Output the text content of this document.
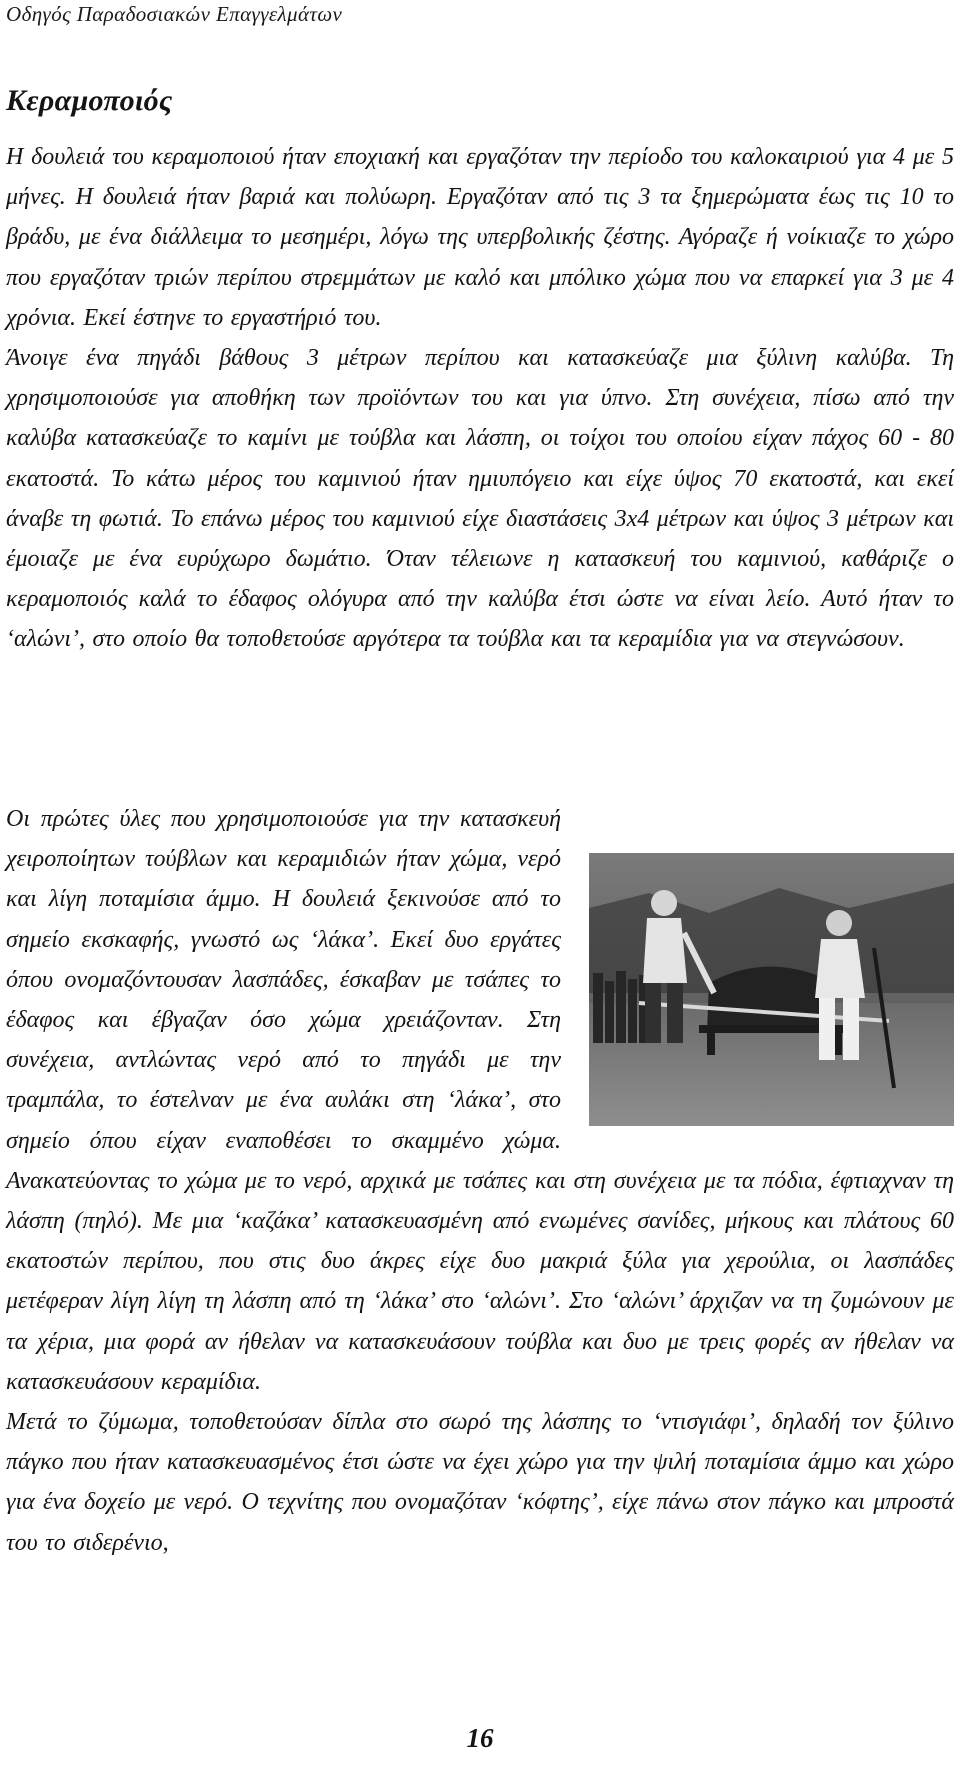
Οδηγός Παραδοσιακών Επαγγελμάτων
Κεραμοποιός

Η δουλειά του κεραμοποιού ήταν εποχιακή και εργαζόταν την περίοδο του καλοκαιριού για 4 με 5 μήνες. Η δουλειά ήταν βαριά και πολύωρη. Εργαζόταν από τις 3 τα ξημερώματα έως τις 10 το βράδυ, με ένα διάλλειμα το μεσημέρι, λόγω της υπερβολικής ζέστης. Αγόραζε ή νοίκιαζε το χώρο που εργαζόταν τριών περίπου στρεμμάτων με καλό και μπόλικο χώμα που να επαρκεί για 3 με 4 χρόνια. Εκεί έστηνε το εργαστήριό του.

Άνοιγε ένα πηγάδι βάθους 3 μέτρων περίπου και κατασκεύαζε μια ξύλινη καλύβα. Τη χρησιμοποιούσε για αποθήκη των προϊόντων του και για ύπνο. Στη συνέχεια, πίσω από την καλύβα κατασκεύαζε το καμίνι με τούβλα και λάσπη, οι τοίχοι του οποίου είχαν πάχος 60 - 80 εκατοστά. Το κάτω μέρος του καμινιού ήταν ημιυπόγειο και είχε ύψος 70 εκατοστά, και εκεί άναβε τη φωτιά. Το επάνω μέρος του καμινιού είχε διαστάσεις 3x4 μέτρων και ύψος 3 μέτρων και έμοιαζε με ένα ευρύχωρο δωμάτιο. Όταν τέλειωνε η κατασκευή του καμινιού, καθάριζε ο κεραμοποιός καλά το έδαφος ολόγυρα από την καλύβα έτσι ώστε να είναι λείο. Αυτό ήταν το ‘αλώνι’, στο οποίο θα τοποθετούσε αργότερα τα τούβλα και τα κεραμίδια για να στεγνώσουν.

Οι πρώτες ύλες που χρησιμοποιούσε για την κατασκευή χειροποίητων τούβλων και κεραμιδιών ήταν χώμα, νερό και λίγη ποταμίσια άμμο. Η δουλειά ξεκινούσε από το σημείο εκσκαφής, γνωστό ως ‘λάκα’. Εκεί δυο εργάτες όπου ονομαζόντουσαν λασπάδες, έσκαβαν με τσάπες το έδαφος και έβγαζαν όσο χώμα χρειάζονταν. Στη συνέχεια, αντλώντας νερό από το πηγάδι με την τραμπάλα, το έστελναν με ένα αυλάκι στη ‘λάκα’, στο σημείο όπου είχαν εναποθέσει το σκαμμένο χώμα. Ανακατεύοντας το χώμα με το νερό, αρχικά με τσάπες και στη συνέχεια με τα πόδια, έφτιαχναν τη λάσπη (πηλό). Με μια ‘καζάκα’ κατασκευασμένη από ενωμένες σανίδες, μήκους και πλάτους 60 εκατοστών περίπου, που στις δυο άκρες είχε δυο μακριά ξύλα για χερούλια, οι λασπάδες μετέφεραν λίγη λίγη τη λάσπη από τη ‘λάκα’ στο ‘αλώνι’. Στο ‘αλώνι’ άρχιζαν να τη ζυμώνουν με τα χέρια, μια φορά αν ήθελαν να κατασκευάσουν τούβλα και δυο με τρεις φορές αν ήθελαν να κατασκευάσουν κεραμίδια.

Μετά το ζύμωμα, τοποθετούσαν δίπλα στο σωρό της λάσπης το ‘ντισγιάφι’, δηλαδή τον ξύλινο πάγκο που ήταν κατασκευασμένος έτσι ώστε να έχει χώρο για την ψιλή ποταμίσια άμμο και χώρο για ένα δοχείο με νερό. Ο τεχνίτης που ονομαζόταν ‘κόφτης’, είχε πάνω στον πάγκο και μπροστά του το σιδερένιο,

16
